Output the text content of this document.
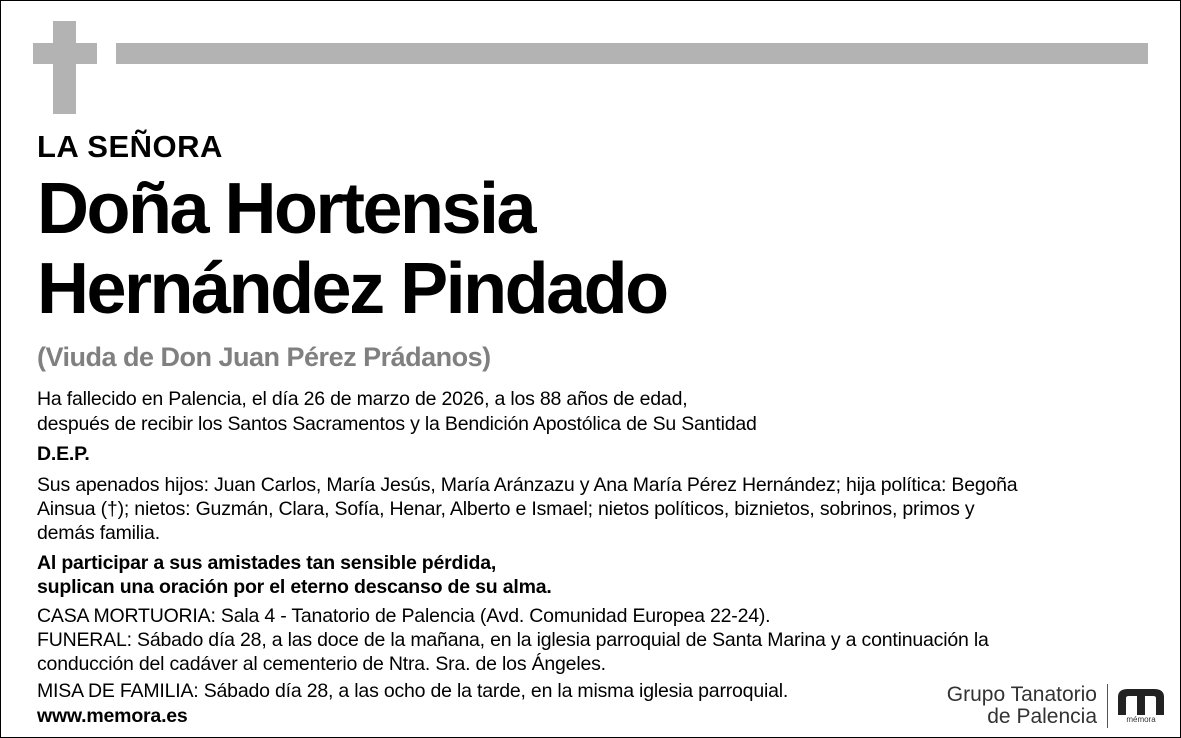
LA SEÑORA
Doña Hortensia
Hernández Pindado
(Viuda de Don Juan Pérez Prádanos)
Ha fallecido en Palencia, el día 26 de marzo de 2026, a los 88 años de edad,
después de recibir los Santos Sacramentos y la Bendición Apostólica de Su Santidad
D.E.P.
Sus apenados hijos: Juan Carlos, María Jesús, María Aránzazu y Ana María Pérez Hernández; hija política: Begoña
Ainsua (†); nietos: Guzmán, Clara, Sofía, Henar, Alberto e Ismael; nietos políticos, biznietos, sobrinos, primos y
demás familia.
Al participar a sus amistades tan sensible pérdida,
suplican una oración por el eterno descanso de su alma.
CASA MORTUORIA: Sala 4 - Tanatorio de Palencia (Avd. Comunidad Europea 22-24).
FUNERAL: Sábado día 28, a las doce de la mañana, en la iglesia parroquial de Santa Marina y a continuación la
conducción del cadáver al cementerio de Ntra. Sra. de los Ángeles.
MISA DE FAMILIA: Sábado día 28, a las ocho de la tarde, en la misma iglesia parroquial.
www.memora.es
Grupo Tanatorio
de Palencia	mémora
